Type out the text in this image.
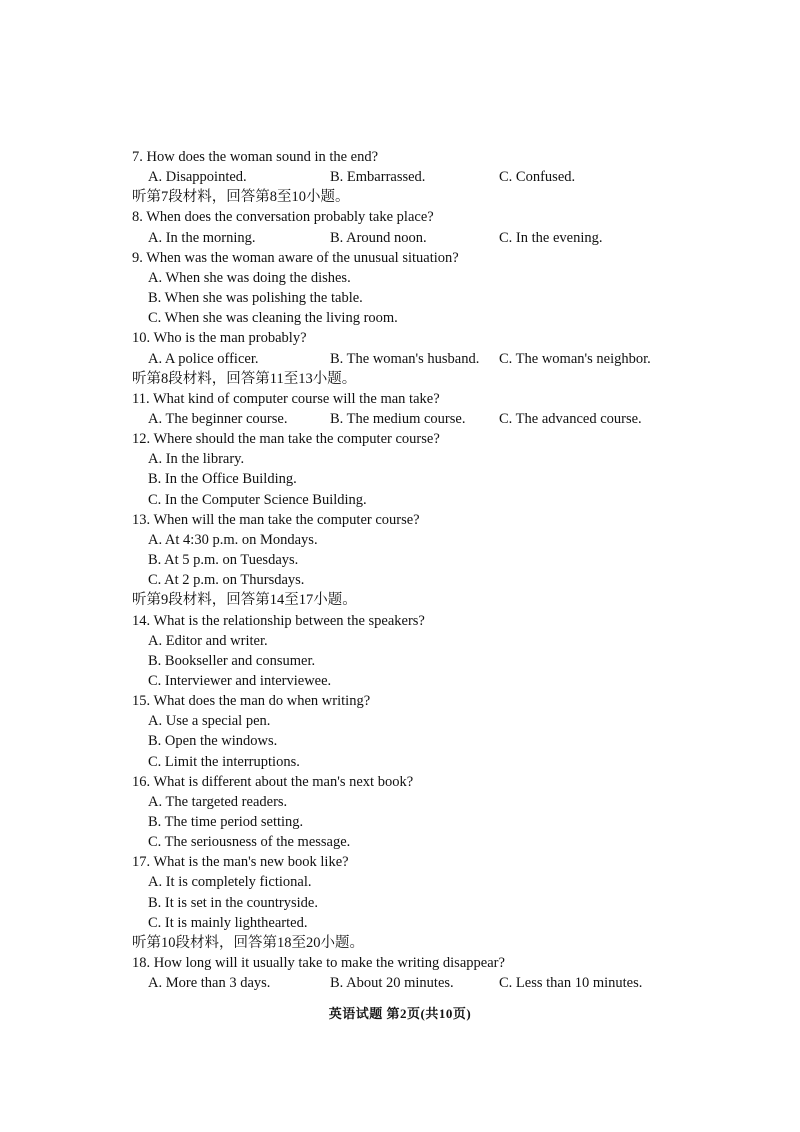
7. How does the woman sound in the end?
A. Disappointed.	B. Embarrassed.	C. Confused.
听第7段材料，回答第8至10小题。
8. When does the conversation probably take place?
A. In the morning.	B. Around noon.	C. In the evening.
9. When was the woman aware of the unusual situation?
A. When she was doing the dishes.
B. When she was polishing the table.
C. When she was cleaning the living room.
10. Who is the man probably?
A. A police officer.	B. The woman's husband. C. The woman's neighbor.
听第8段材料，回答第11至13小题。
11. What kind of computer course will the man take?
A. The beginner course.	B. The medium course. C. The advanced course.
12. Where should the man take the computer course?
A. In the library.
B. In the Office Building.
C. In the Computer Science Building.
13. When will the man take the computer course?
A. At 4:30 p.m. on Mondays.
B. At 5 p.m. on Tuesdays.
C. At 2 p.m. on Thursdays.
听第9段材料，回答第14至17小题。
14. What is the relationship between the speakers?
A. Editor and writer.
B. Bookseller and consumer.
C. Interviewer and interviewee.
15. What does the man do when writing?
A. Use a special pen.
B. Open the windows.
C. Limit the interruptions.
16. What is different about the man's next book?
A. The targeted readers.
B. The time period setting.
C. The seriousness of the message.
17. What is the man's new book like?
A. It is completely fictional.
B. It is set in the countryside.
C. It is mainly lighthearted.
听第10段材料，回答第18至20小题。
18. How long will it usually take to make the writing disappear?
A. More than 3 days.	B. About 20 minutes.	C. Less than 10 minutes.
英语试题 第2页(共10页)
